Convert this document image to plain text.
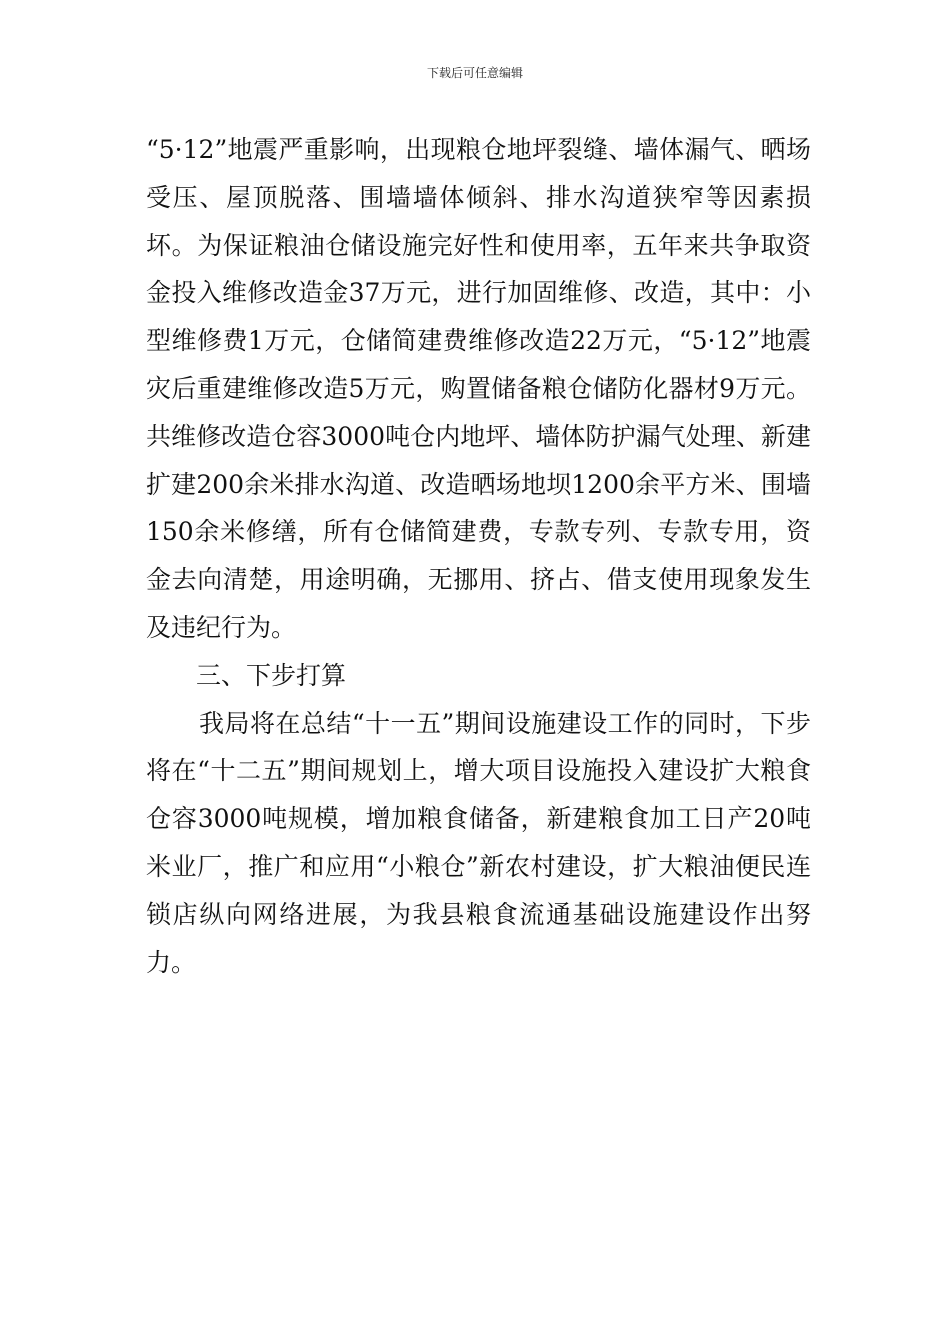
下载后可任意编辑

“5·12”地震严重影响，出现粮仓地坪裂缝、墙体漏气、晒场受压、屋顶脱落、围墙墙体倾斜、排水沟道狭窄等因素损坏。为保证粮油仓储设施完好性和使用率，五年来共争取资金投入维修改造金37万元，进行加固维修、改造，其中：小型维修费1万元，仓储简建费维修改造22万元，“5·12”地震灾后重建维修改造5万元，购置储备粮仓储防化器材9万元。共维修改造仓容3000吨仓内地坪、墙体防护漏气处理、新建扩建200余米排水沟道、改造晒场地坝1200余平方米、围墙150余米修缮，所有仓储简建费，专款专列、专款专用，资金去向清楚，用途明确，无挪用、挤占、借支使用现象发生及违纪行为。

三、下步打算

我局将在总结“十一五”期间设施建设工作的同时，下步将在“十二五”期间规划上，增大项目设施投入建设扩大粮食仓容3000吨规模，增加粮食储备，新建粮食加工日产20吨米业厂，推广和应用“小粮仓”新农村建设，扩大粮油便民连锁店纵向网络进展，为我县粮食流通基础设施建设作出努力。
